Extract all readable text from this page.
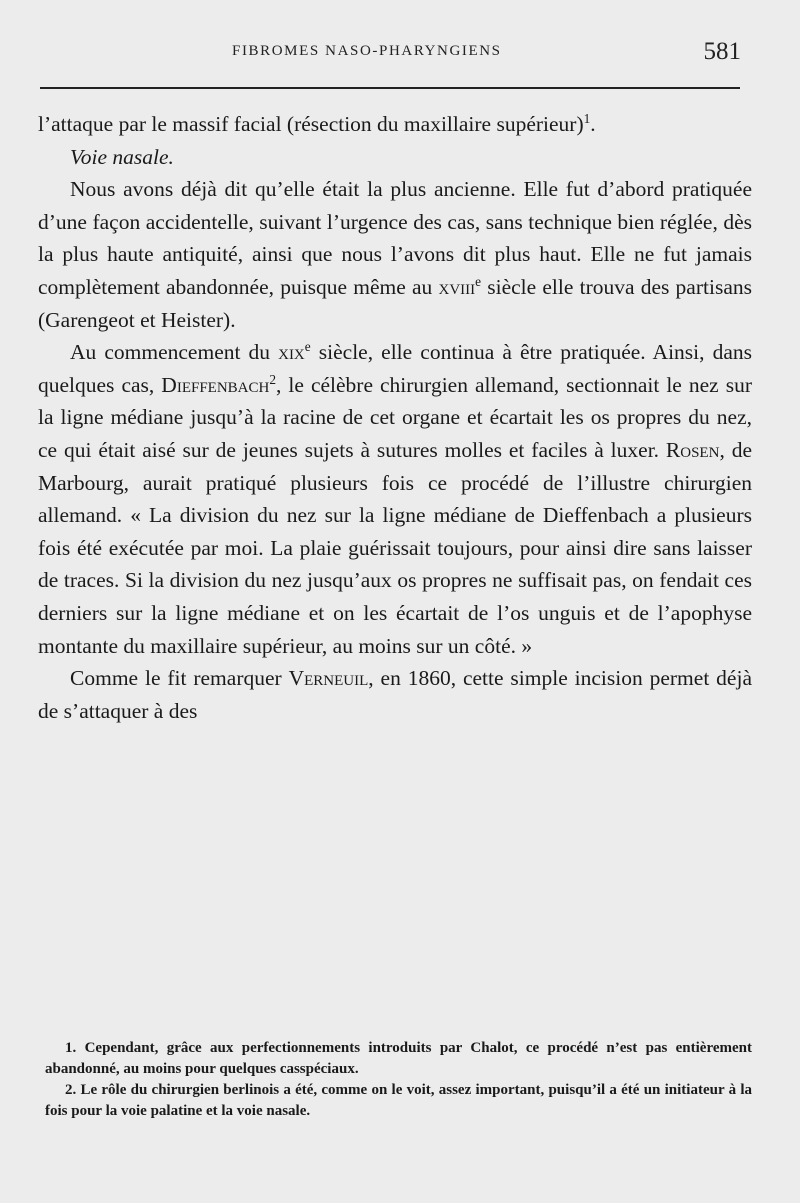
FIBROMES NASO-PHARYNGIENS	581

l’attaque par le massif facial (résection du maxillaire supérieur)$^1$.

Voie nasale.

Nous avons déjà dit qu’elle était la plus ancienne. Elle fut d’abord pratiquée d’une façon accidentelle, suivant l’urgence des cas, sans technique bien réglée, dès la plus haute antiquité, ainsi que nous l’avons dit plus haut. Elle ne fut jamais complètement abandonnée, puisque même au xviii$^e$ siècle elle trouva des partisans (Garengeot et Heister).

Au commencement du xix$^e$ siècle, elle continua à être pratiquée. Ainsi, dans quelques cas, Dieffenbach$^2$, le célèbre chirurgien allemand, sectionnait le nez sur la ligne médiane jusqu’à la racine de cet organe et écartait les os propres du nez, ce qui était aisé sur de jeunes sujets à sutures molles et faciles à luxer. Rosen, de Marbourg, aurait pratiqué plusieurs fois ce procédé de l’illustre chirurgien allemand. « La division du nez sur la ligne médiane de Dieffenbach a plusieurs fois été exécutée par moi. La plaie guérissait toujours, pour ainsi dire sans laisser de traces. Si la division du nez jusqu’aux os propres ne suffisait pas, on fendait ces derniers sur la ligne médiane et on les écartait de l’os unguis et de l’apophyse montante du maxillaire supérieur, au moins sur un côté. »

Comme le fit remarquer Verneuil, en 1860, cette simple incision permet déjà de s’attaquer à des

1. Cependant, grâce aux perfectionnements introduits par Chalot, ce procédé n’est pas entièrement abandonné, au moins pour quelques casspéciaux.

2. Le rôle du chirurgien berlinois a été, comme on le voit, assez important, puisqu’il a été un initiateur à la fois pour la voie palatine et la voie nasale.
